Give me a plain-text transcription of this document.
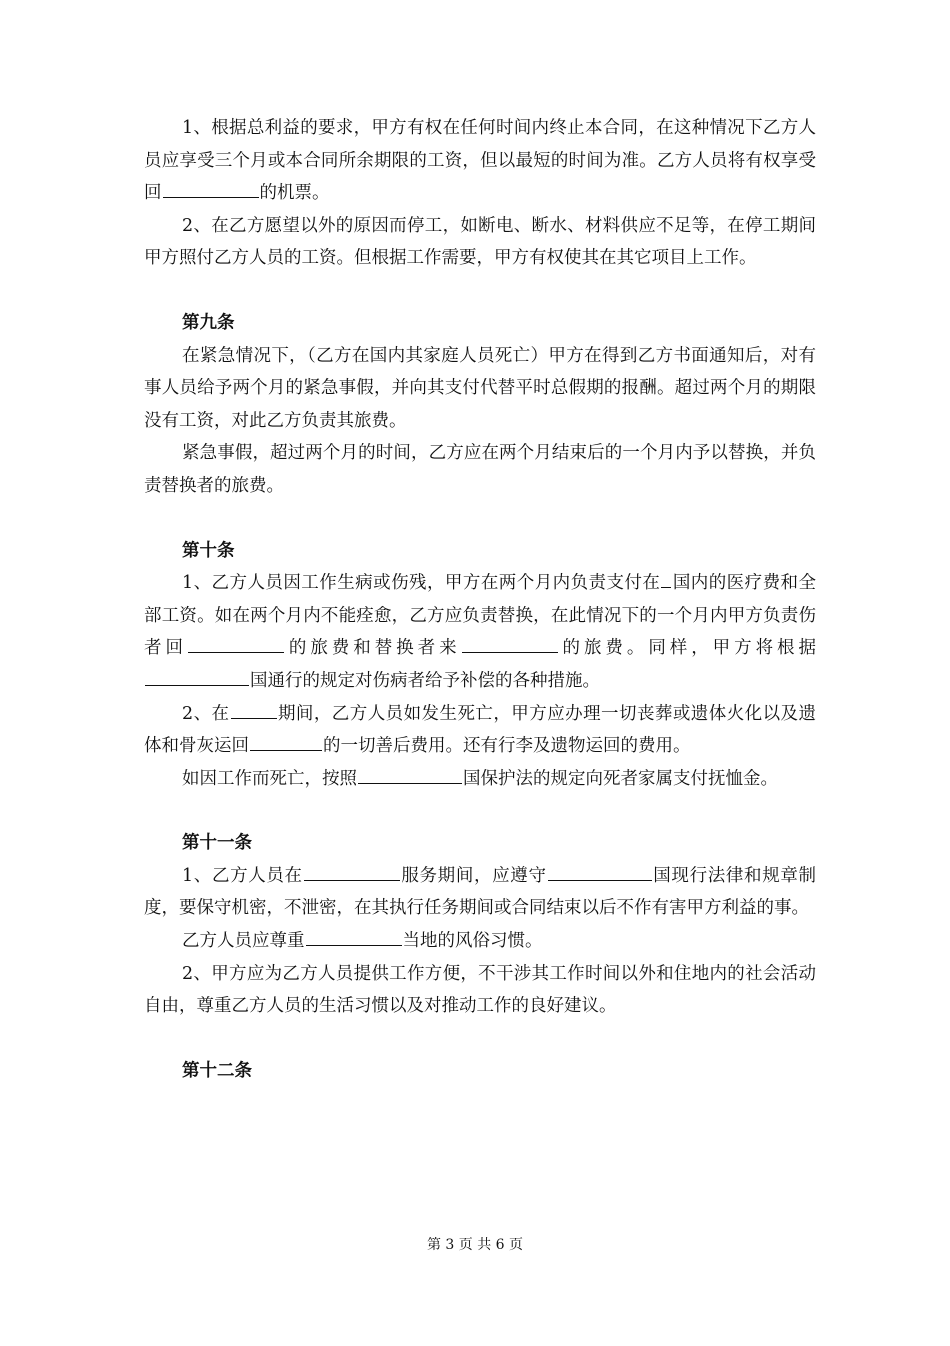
1、根据总利益的要求，甲方有权在任何时间内终止本合同，在这种情况下乙方人员应享受三个月或本合同所余期限的工资，但以最短的时间为准。乙方人员将有权享受回	的机票。

2、在乙方愿望以外的原因而停工，如断电、断水、材料供应不足等，在停工期间甲方照付乙方人员的工资。但根据工作需要，甲方有权使其在其它项目上工作。

第九条

在紧急情况下，（乙方在国内其家庭人员死亡）甲方在得到乙方书面通知后，对有事人员给予两个月的紧急事假，并向其支付代替平时总假期的报酬。超过两个月的期限没有工资，对此乙方负责其旅费。

紧急事假，超过两个月的时间，乙方应在两个月结束后的一个月内予以替换，并负责替换者的旅费。

第十条

1、乙方人员因工作生病或伤残，甲方在两个月内负责支付在 国内的医疗费和全部工资。如在两个月内不能痊愈，乙方应负责替换，在此情况下的一个月内甲方负责伤者回	的旅费和替换者来	的旅费。同样，甲方将根据国通行的规定对伤病者给予补偿的各种措施。

2、在	期间，乙方人员如发生死亡，甲方应办理一切丧葬或遗体火化以及遗体和骨灰运回	的一切善后费用。还有行李及遗物运回的费用。

如因工作而死亡，按照	国保护法的规定向死者家属支付抚恤金。

第十一条

1、乙方人员在	服务期间，应遵守	国现行法律和规章制度，要保守机密，不泄密，在其执行任务期间或合同结束以后不作有害甲方利益的事。

乙方人员应尊重	当地的风俗习惯。

2、甲方应为乙方人员提供工作方便，不干涉其工作时间以外和住地内的社会活动自由，尊重乙方人员的生活习惯以及对推动工作的良好建议。

第十二条

第 3 页 共 6 页
